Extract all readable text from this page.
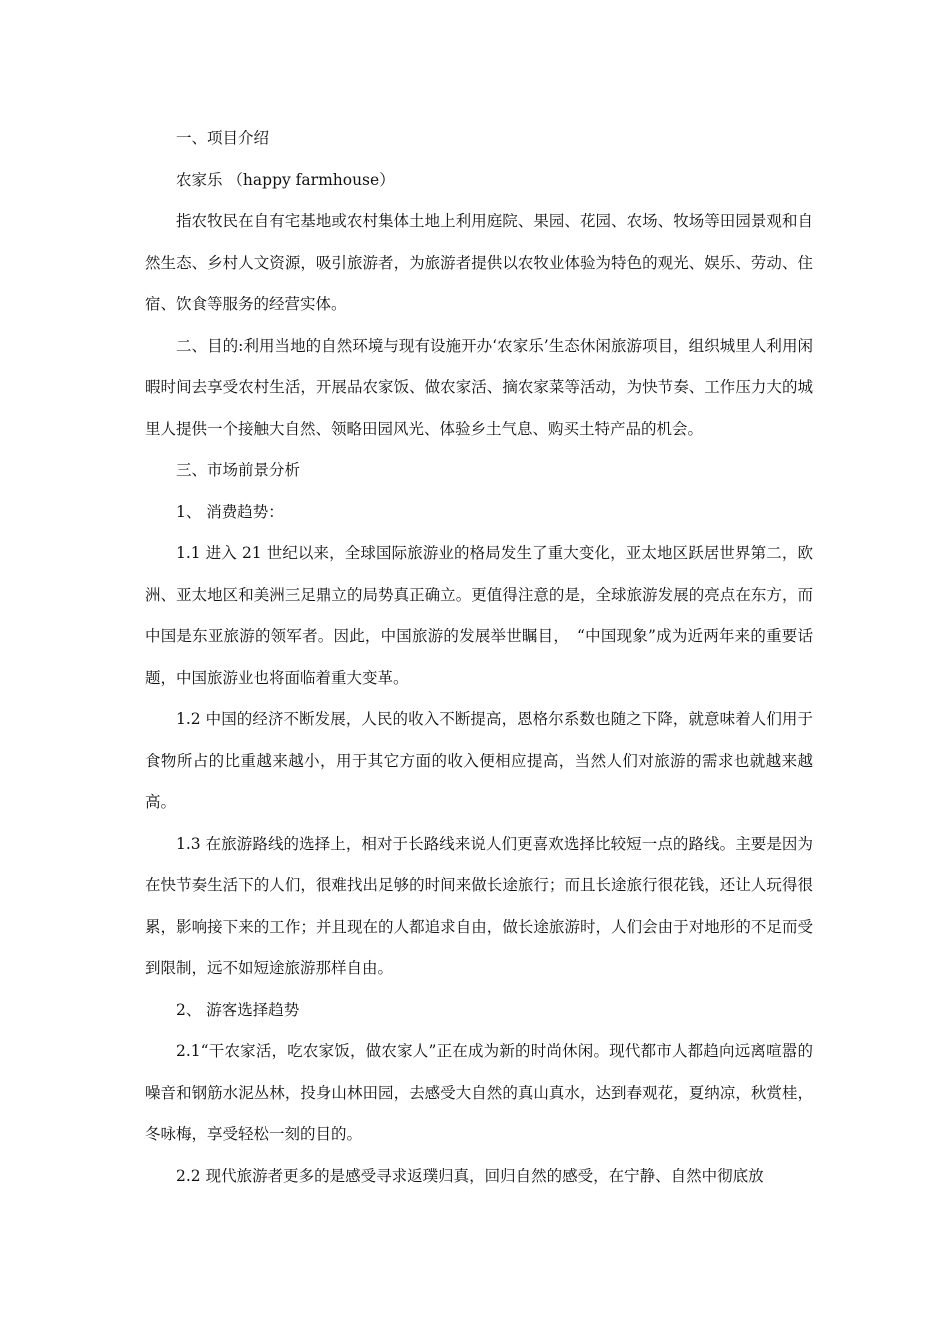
一、项目介绍

农家乐 （happy farmhouse）

指农牧民在自有宅基地或农村集体土地上利用庭院、果园、花园、农场、牧场等田园景观和自然生态、乡村人文资源，吸引旅游者，为旅游者提供以农牧业体验为特色的观光、娱乐、劳动、住宿、饮食等服务的经营实体。

二、目的:利用当地的自然环境与现有设施开办‘农家乐’生态休闲旅游项目，组织城里人利用闲暇时间去享受农村生活，开展品农家饭、做农家活、摘农家菜等活动，为快节奏、工作压力大的城里人提供一个接触大自然、领略田园风光、体验乡土气息、购买土特产品的机会。

三、市场前景分析

1、 消费趋势：

1.1 进入 21 世纪以来，全球国际旅游业的格局发生了重大变化，亚太地区跃居世界第二，欧洲、亚太地区和美洲三足鼎立的局势真正确立。更值得注意的是，全球旅游发展的亮点在东方，而中国是东亚旅游的领军者。因此，中国旅游的发展举世瞩目，　“中国现象”成为近两年来的重要话题，中国旅游业也将面临着重大变革。

1.2 中国的经济不断发展，人民的收入不断提高，恩格尔系数也随之下降，就意味着人们用于食物所占的比重越来越小，用于其它方面的收入便相应提高，当然人们对旅游的需求也就越来越高。

1.3 在旅游路线的选择上，相对于长路线来说人们更喜欢选择比较短一点的路线。主要是因为在快节奏生活下的人们，很难找出足够的时间来做长途旅行；而且长途旅行很花钱，还让人玩得很累，影响接下来的工作；并且现在的人都追求自由，做长途旅游时，人们会由于对地形的不足而受到限制，远不如短途旅游那样自由。

2、 游客选择趋势

2.1“干农家活，吃农家饭，做农家人”正在成为新的时尚休闲。现代都市人都趋向远离喧嚣的噪音和钢筋水泥丛林，投身山林田园，去感受大自然的真山真水，达到春观花，夏纳凉，秋赏桂，冬咏梅，享受轻松一刻的目的。

2.2 现代旅游者更多的是感受寻求返璞归真，回归自然的感受，在宁静、自然中彻底放
